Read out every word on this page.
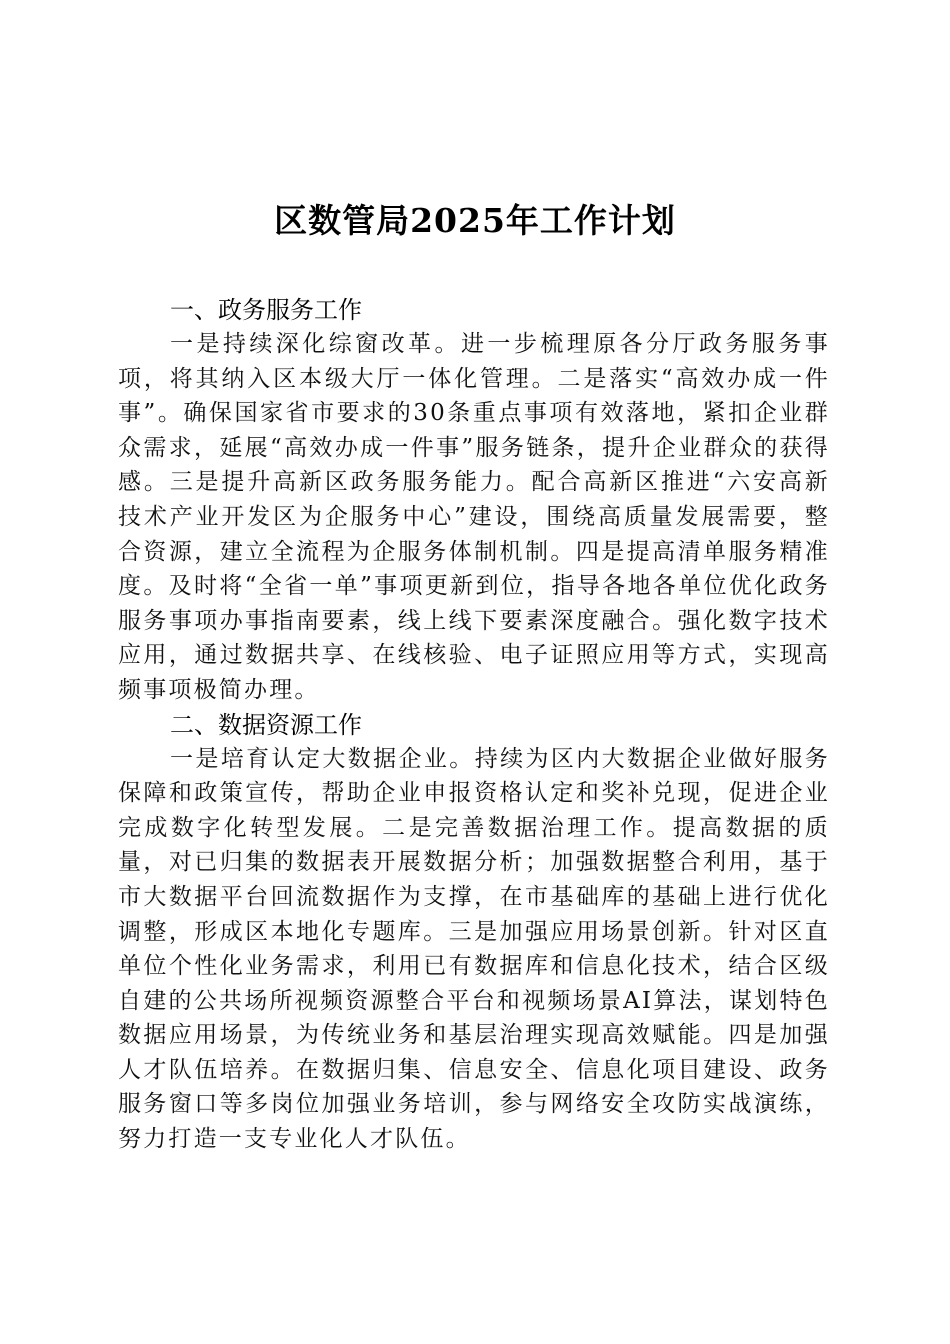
区数管局2025年工作计划

一、政务服务工作

一是持续深化综窗改革。进一步梳理原各分厅政务服务事项，将其纳入区本级大厅一体化管理。二是落实“高效办成一件事”。确保国家省市要求的30条重点事项有效落地，紧扣企业群众需求，延展“高效办成一件事”服务链条，提升企业群众的获得感。三是提升高新区政务服务能力。配合高新区推进“六安高新技术产业开发区为企服务中心”建设，围绕高质量发展需要，整合资源，建立全流程为企服务体制机制。四是提高清单服务精准度。及时将“全省一单”事项更新到位，指导各地各单位优化政务服务事项办事指南要素，线上线下要素深度融合。强化数字技术应用，通过数据共享、在线核验、电子证照应用等方式，实现高频事项极简办理。

二、数据资源工作

一是培育认定大数据企业。持续为区内大数据企业做好服务保障和政策宣传，帮助企业申报资格认定和奖补兑现，促进企业完成数字化转型发展。二是完善数据治理工作。提高数据的质量，对已归集的数据表开展数据分析；加强数据整合利用，基于市大数据平台回流数据作为支撑，在市基础库的基础上进行优化调整，形成区本地化专题库。三是加强应用场景创新。针对区直单位个性化业务需求，利用已有数据库和信息化技术，结合区级自建的公共场所视频资源整合平台和视频场景AI算法，谋划特色数据应用场景，为传统业务和基层治理实现高效赋能。四是加强人才队伍培养。在数据归集、信息安全、信息化项目建设、政务服务窗口等多岗位加强业务培训，参与网络安全攻防实战演练，努力打造一支专业化人才队伍。
